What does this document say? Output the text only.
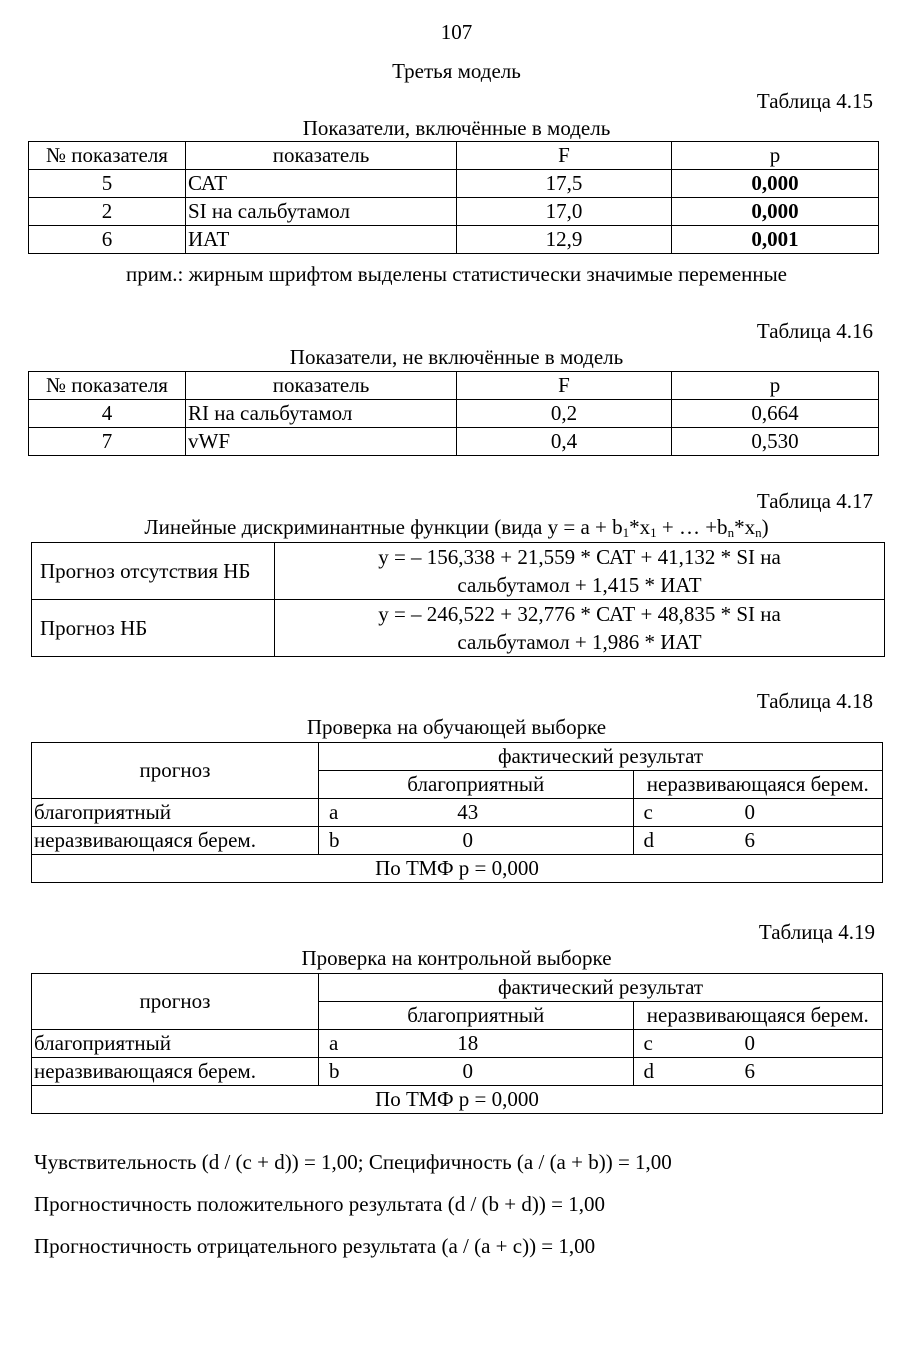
107
Третья модель
Таблица 4.15
Показатели, включённые в модель
№ показателя	показатель	F	p
5	САТ	17,5	0,000
2	SI на сальбутамол	17,0	0,000
6	ИАТ	12,9	0,001
прим.: жирным шрифтом выделены статистически значимые переменные
Таблица 4.16
Показатели, не включённые в модель
№ показателя	показатель	F	p
4	RI на сальбутамол	0,2	0,664
7	vWF	0,4	0,530
Таблица 4.17
Линейные дискриминантные функции (вида $y = a + b_1*x_1$ + … $+b_n*x_n$)
Прогноз отсутствия НБ	y = – 156,338 + 21,559 * САТ + 41,132 * SI на
сальбутамол + 1,415 * ИАТ
Прогноз НБ	y = – 246,522 + 32,776 * САТ + 48,835 * SI на
сальбутамол + 1,986 * ИАТ
Таблица 4.18
Проверка на обучающей выборке
прогноз	фактический результат			
	благоприятный		неразвивающаяся берем.	
благоприятный	a	43	c	0
неразвивающаяся берем.	b	0	d	6
По ТМФ p = 0,000				
Таблица 4.19
Проверка на контрольной выборке
прогноз	фактический результат			
	благоприятный		неразвивающаяся берем.	
благоприятный	a	18	c	0
неразвивающаяся берем.	b	0	d	6
По ТМФ p = 0,000				
Чувствительность (d / (c + d)) = 1,00; Специфичность (a / (a + b)) = 1,00
Прогностичность положительного результата (d / (b + d)) = 1,00
Прогностичность отрицательного результата (a / (a + c)) = 1,00
